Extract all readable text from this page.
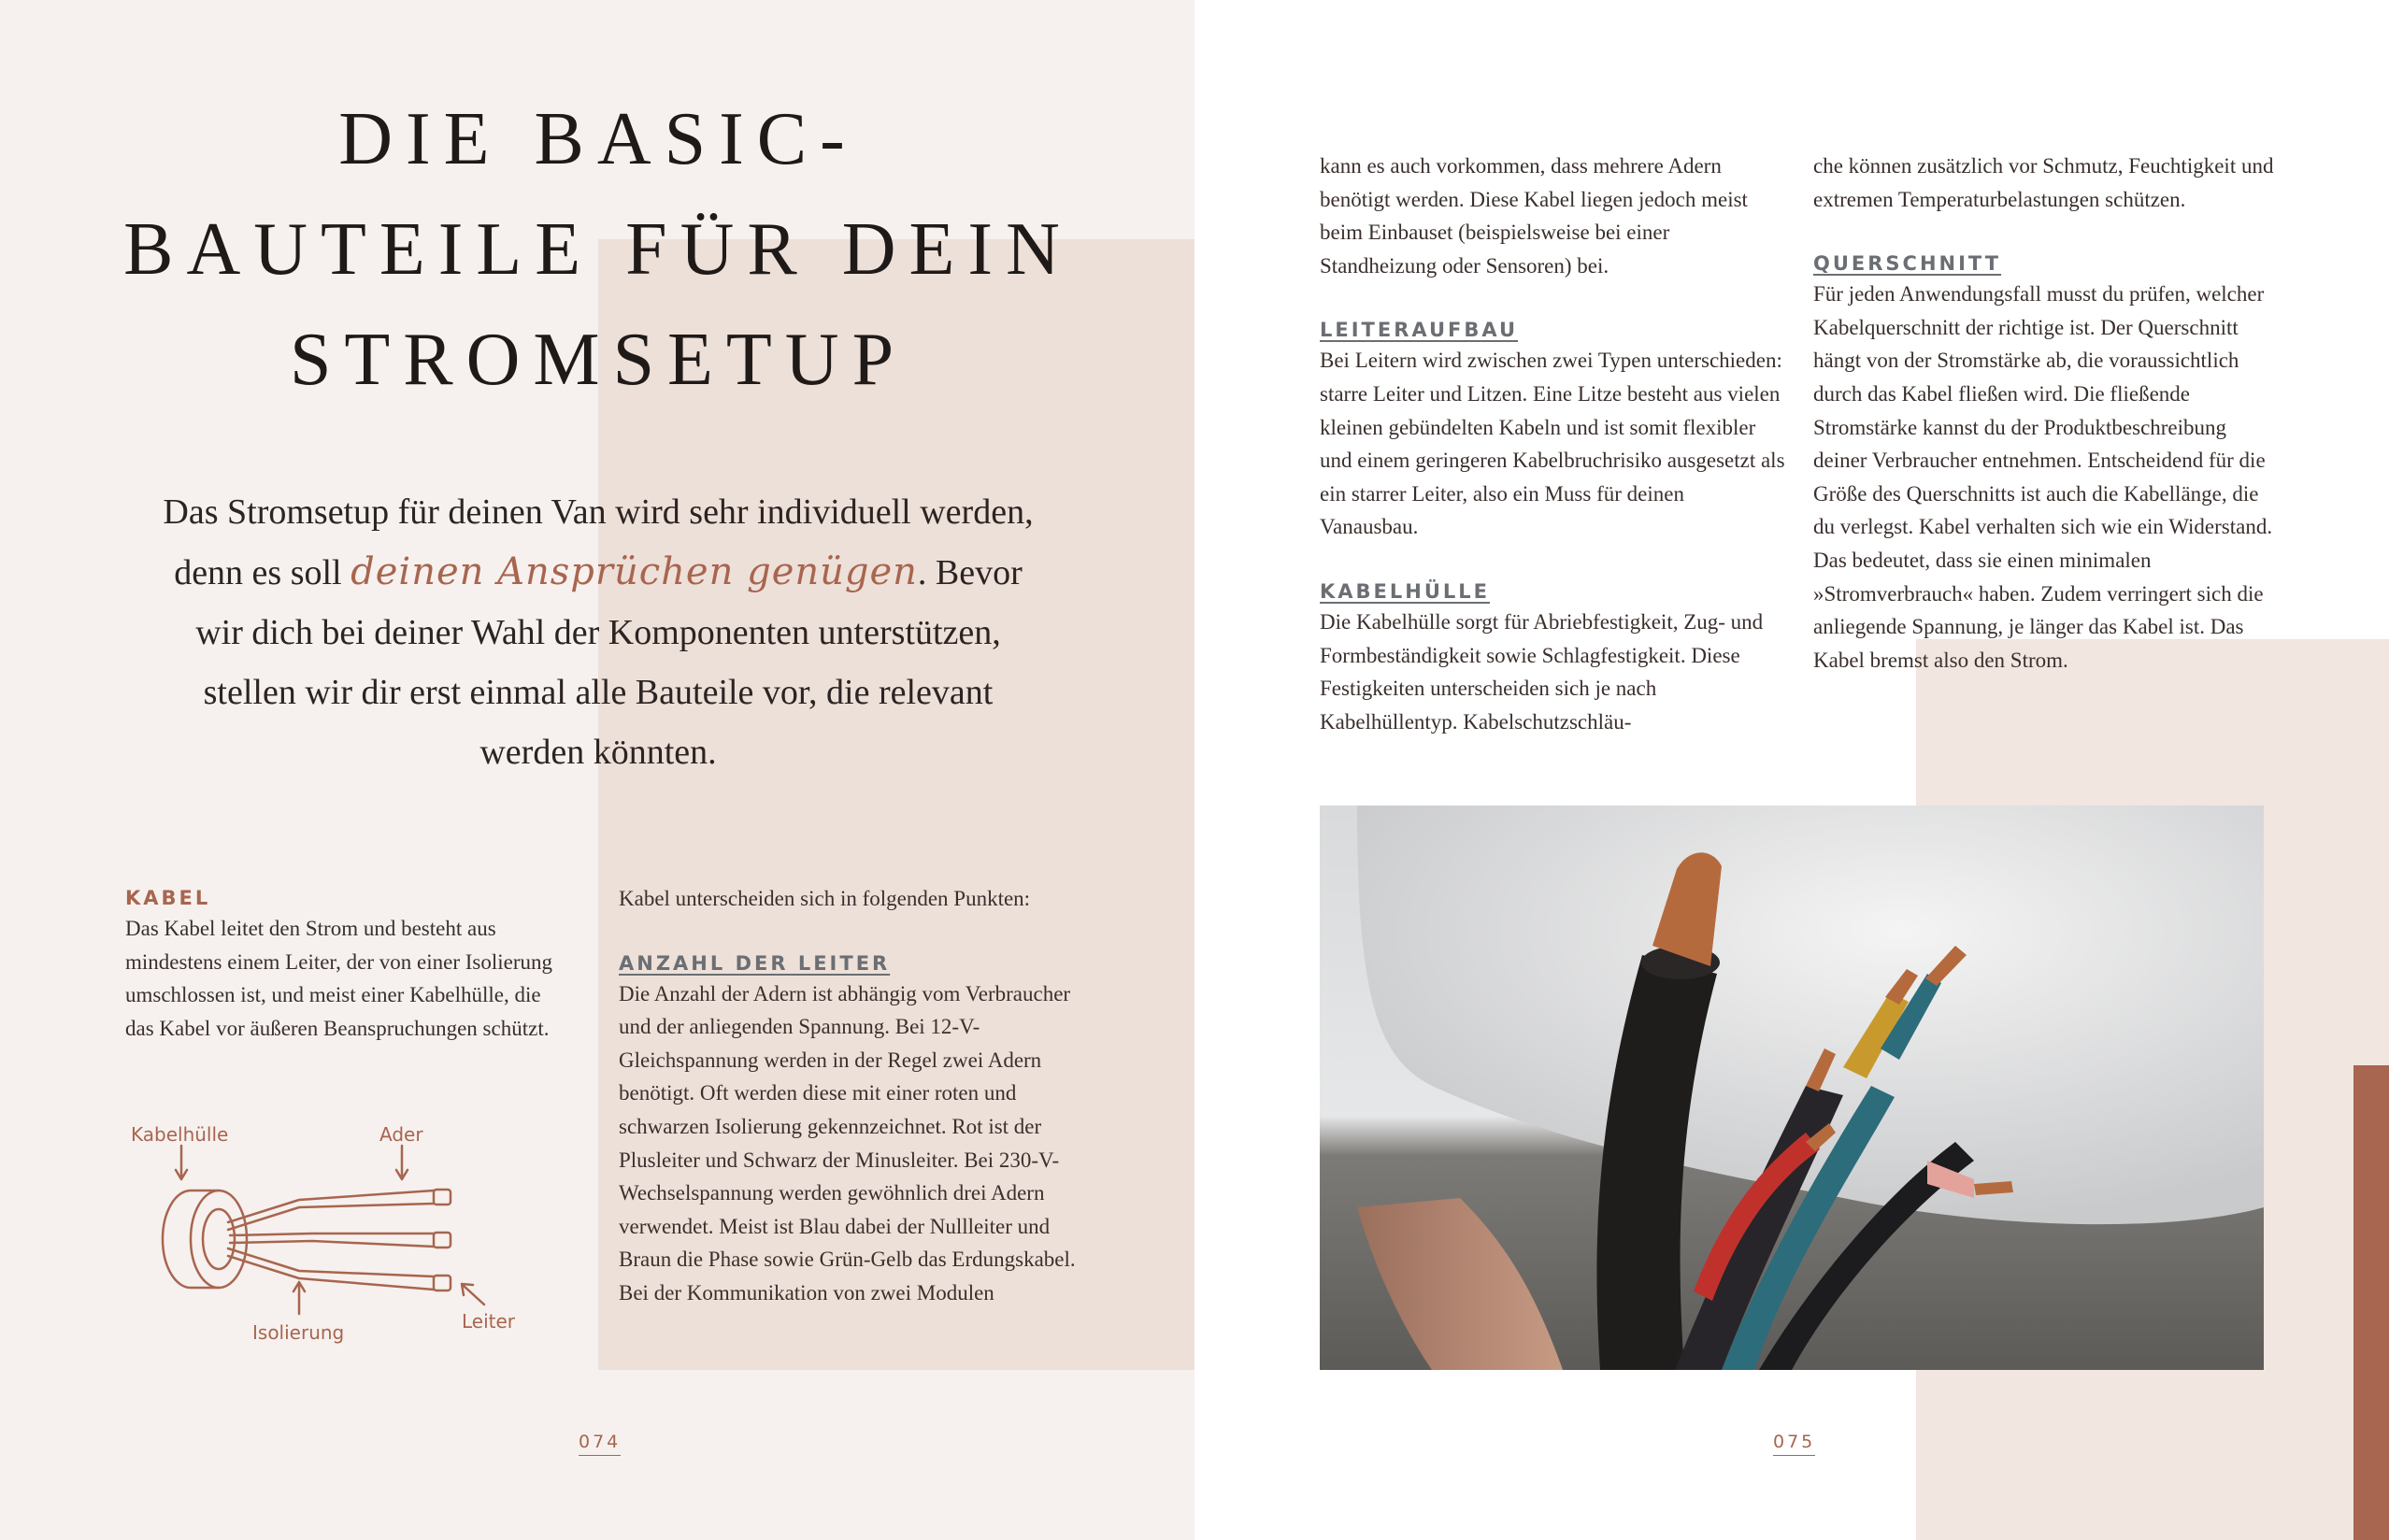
DIE BASIC-
BAUTEILE FÜR DEIN
STROMSETUP
Das Stromsetup für deinen Van wird sehr individuell werden, denn es soll deinen Ansprüchen genügen. Bevor wir dich bei deiner Wahl der Komponenten unterstützen, stellen wir dir erst einmal alle Bauteile vor, die relevant werden könnten.
KABEL
Das Kabel leitet den Strom und besteht aus mindestens einem Leiter, der von einer Isolierung umschlossen ist, und meist einer Kabelhülle, die das Kabel vor äußeren Beanspruchungen schützt.
Kabelhülle	Ader
Isolierung	Leiter
Kabel unterscheiden sich in folgenden Punkten:
ANZAHL DER LEITER
Die Anzahl der Adern ist abhängig vom Verbraucher und der anliegenden Spannung. Bei 12-V-Gleichspannung werden in der Regel zwei Adern benötigt. Oft werden diese mit einer roten und schwarzen Isolierung gekennzeichnet. Rot ist der Plusleiter und Schwarz der Minusleiter. Bei 230-V-Wechselspannung werden gewöhnlich drei Adern verwendet. Meist ist Blau dabei der Nullleiter und Braun die Phase sowie Grün-Gelb das Erdungskabel. Bei der Kommunikation von zwei Modulen
074
kann es auch vorkommen, dass mehrere Adern benötigt werden. Diese Kabel liegen jedoch meist beim Einbauset (beispielsweise bei einer Standheizung oder Sensoren) bei.
LEITERAUFBAU
Bei Leitern wird zwischen zwei Typen unterschieden: starre Leiter und Litzen. Eine Litze besteht aus vielen kleinen gebündelten Kabeln und ist somit flexibler und einem geringeren Kabelbruchrisiko ausgesetzt als ein starrer Leiter, also ein Muss für deinen Vanausbau.
KABELHÜLLE
Die Kabelhülle sorgt für Abriebfestigkeit, Zug- und Formbeständigkeit sowie Schlagfestigkeit. Diese Festigkeiten unterscheiden sich je nach Kabelhüllentyp. Kabelschutzschläu-
che können zusätzlich vor Schmutz, Feuchtigkeit und extremen Temperaturbelastungen schützen.
QUERSCHNITT
Für jeden Anwendungsfall musst du prüfen, welcher Kabelquerschnitt der richtige ist. Der Querschnitt hängt von der Stromstärke ab, die voraussichtlich durch das Kabel fließen wird. Die fließende Stromstärke kannst du der Produktbeschreibung deiner Verbraucher entnehmen. Entscheidend für die Größe des Querschnitts ist auch die Kabellänge, die du verlegst. Kabel verhalten sich wie ein Widerstand. Das bedeutet, dass sie einen minimalen »Stromverbrauch« haben. Zudem verringert sich die anliegende Spannung, je länger das Kabel ist. Das Kabel bremst also den Strom.
075
